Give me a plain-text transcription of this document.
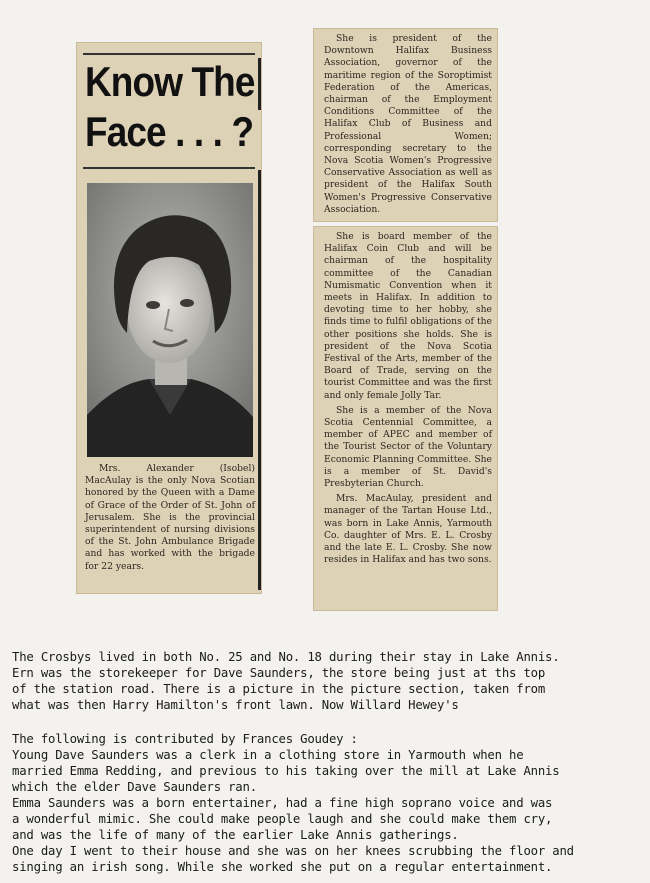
Know The
Face . . . ?
Mrs. Alexander (Isobel) MacAulay is the only Nova Scotian honored by the Queen with a Dame of Grace of the Order of St. John of Jerusalem. She is the provincial superintendent of nursing divisions of the St. John Ambulance Brigade and has worked with the brigade for 22 years.
She is president of the Downtown Halifax Business Association, governor of the maritime region of the Soroptimist Federation of the Americas, chairman of the Employment Conditions Committee of the Halifax Club of Business and Professional Women; corresponding secretary to the Nova Scotia Women's Progressive Conservative Association as well as president of the Halifax South Women's Progressive Conservative Association.

She is board member of the Halifax Coin Club and will be chairman of the hospitality committee of the Canadian Numismatic Convention when it meets in Halifax. In addition to devoting time to her hobby, she finds time to fulfil obligations of the other positions she holds. She is president of the Nova Scotia Festival of the Arts, member of the Board of Trade, serving on the tourist Committee and was the first and only female Jolly Tar.

She is a member of the Nova Scotia Centennial Committee, a member of APEC and member of the Tourist Sector of the Voluntary Economic Planning Committee. She is a member of St. David's Presbyterian Church.

Mrs. MacAulay, president and manager of the Tartan House Ltd., was born in Lake Annis, Yarmouth Co. daughter of Mrs. E. L. Crosby and the late E. L. Crosby. She now resides in Halifax and has two sons.

The Crosbys lived in both No. 25 and No. 18 during their stay in Lake Annis.
Ern was the storekeeper for Dave Saunders, the store being just at ths top
of the station road. There is a picture in the picture section, taken from
what was then Harry Hamilton's front lawn. Now Willard Hewey's
The following is contributed by Frances Goudey :
Young Dave Saunders was a clerk in a clothing store in Yarmouth when he
married Emma Redding, and previous to his taking over the mill at Lake Annis
which the elder Dave Saunders ran.
Emma Saunders was a born entertainer, had a fine high soprano voice and was
a wonderful mimic. She could make people laugh and she could make them cry,
and was the life of many of the earlier Lake Annis gatherings.
One day I went to their house and she was on her knees scrubbing the floor and
singing an irish song. While she worked she put on a regular entertainment.
